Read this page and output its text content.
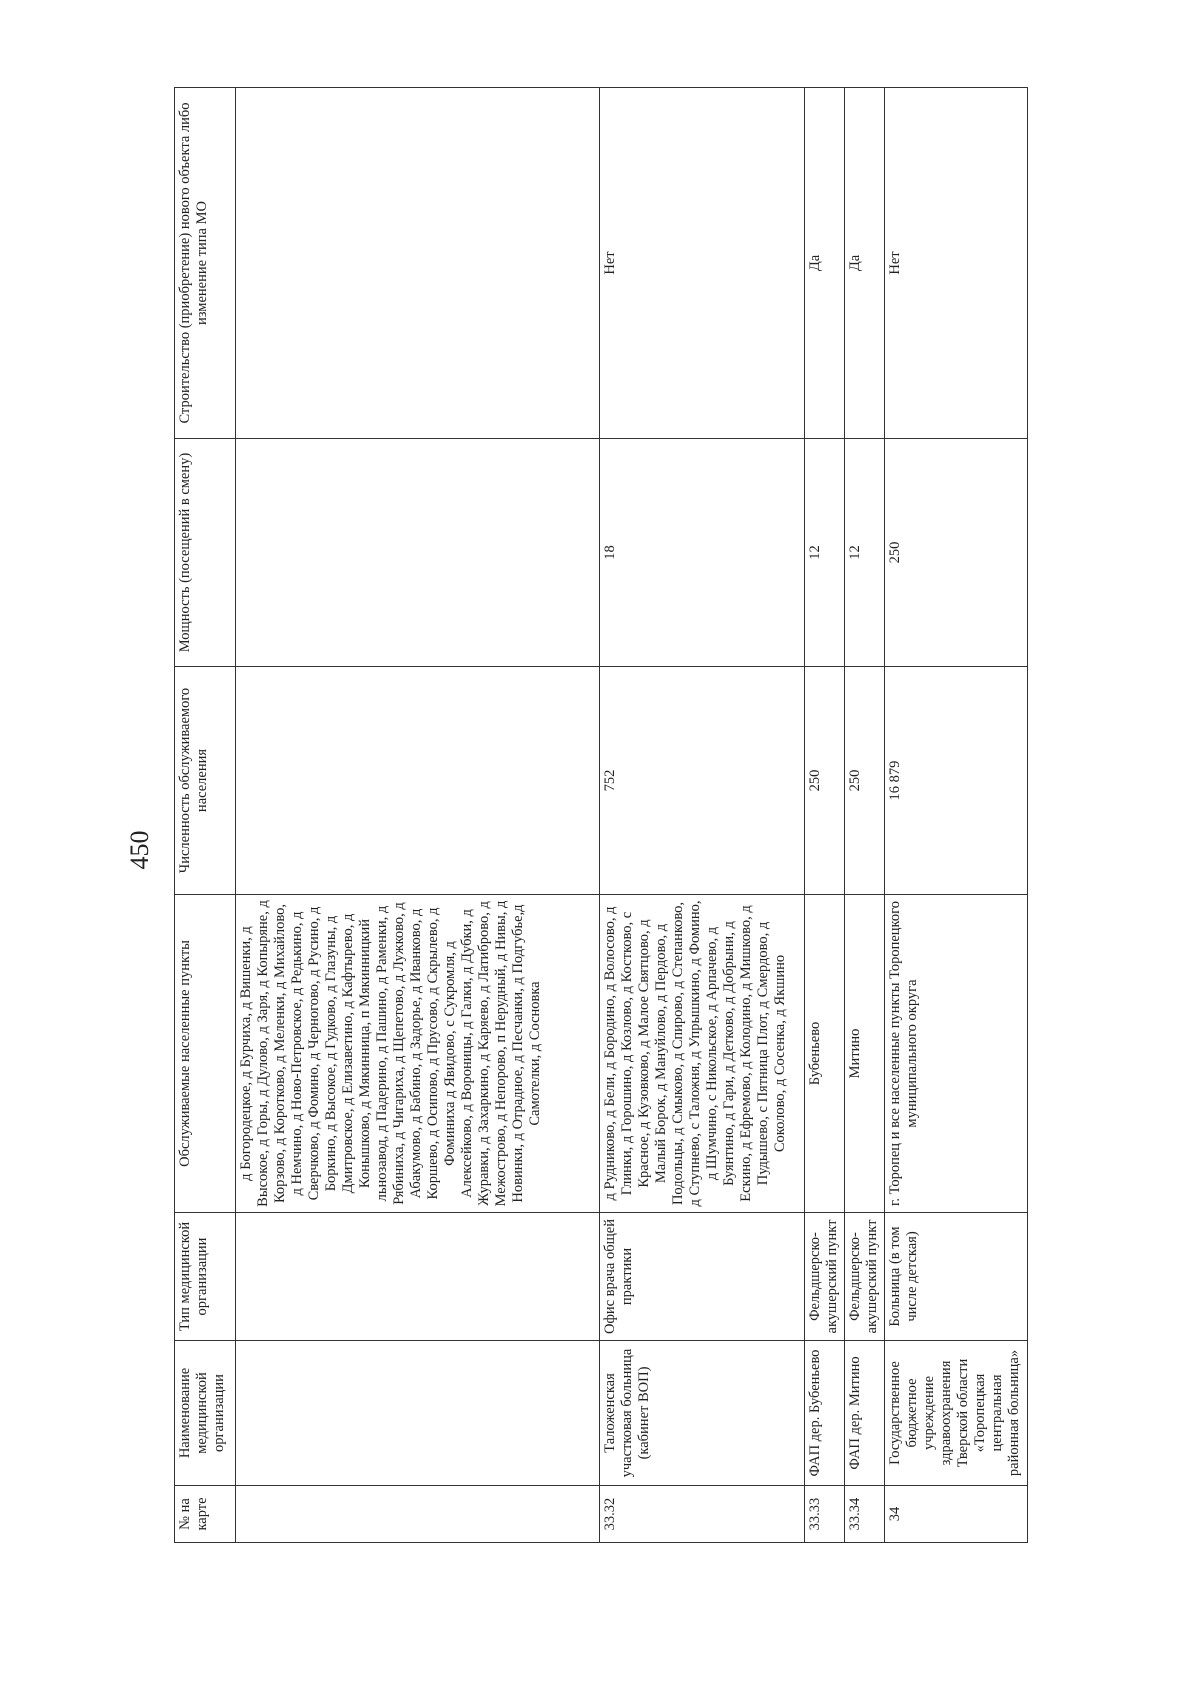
450
№ на карте	Наименование медицинской организации	Тип медицинской организации	Обслуживаемые населенные пункты	Численность обслуживаемого населения	Мощность (посещений в смену)	Строительство (приобретение) нового объекта либо изменение типа МО
			д Богородецкое, д Бурчиха, д Вишенки, д Высокое, д Горы, д Дулово, д Заря, д Копыряне, д Корзово, д Коротково, д Меленки, д Михайлово, д Немчино, д Ново-Петровское, д Редькино, д Сверчково, д Фомино, д Черногово, д Русино, д Боркино, д Высокое, д Гудково, д Глазуны, д Дмитровское, д Елизаветино, д Кафтырево, д Конышково, д Мякинница, п Мякинницкий льнозавод, д Падерино, д Пашино, д Раменки, д Рябиниха, д Чигариха, д Щепетово, д Лужково, д Абакумово, д Бабино, д Задорье, д Иванково, д Коршево, д Осипово, д Прусово, д Скрылево, д Фоминиха д Явидово, с Сукромля, д Алексейково, д Вороницы, д Галки, д Дубки, д Журавки, д Захаркино, д Каряево, д Латиброво, д Межострово, д Непорово, п Нерудный, д Нивы, д Новинки, д Отрадное, д Песчанки, д Подгубье,д Самотелки, д Сосновка			
33.32	Таложенская участковая больница (кабинет ВОП)	Офис врача общей практики	д Рудниково, д Бели, д Бородино, д Волосово, д Глинки, д Горошино, д Козлово, д Костково, с Красное, д Кузовково, д Малое Святцово, д Малый Борок, д Мануйлово, д Пердово, д Подольцы, д Смыково, д Спирово, д Степанково, д Ступнево, с Таложня, д Упрышкино, д Фомино, д Шумчино, с Никольское, д Арпачево, д Буянтино, д Гари, д Детково, д Добрыни, д Ескино, д Ефремово, д Колодино, д Мишково, д Пудышево, с Пятница Плот, д Смердово, д Соколово, д Сосенка, д Якшино	752	18	Нет
33.33	ФАП дер. Бубеньево	Фельдшерско-акушерский пункт	Бубеньево	250	12	Да
33.34	ФАП дер. Митино	Фельдшерско-акушерский пункт	Митино	250	12	Да
34	Государственное бюджетное учреждение здравоохранения Тверской области «Торопецкая центральная районная больница»	Больница (в том числе детская)	г. Торопец и все населенные пункты Торопецкого муниципального округа	16 879	250	Нет
